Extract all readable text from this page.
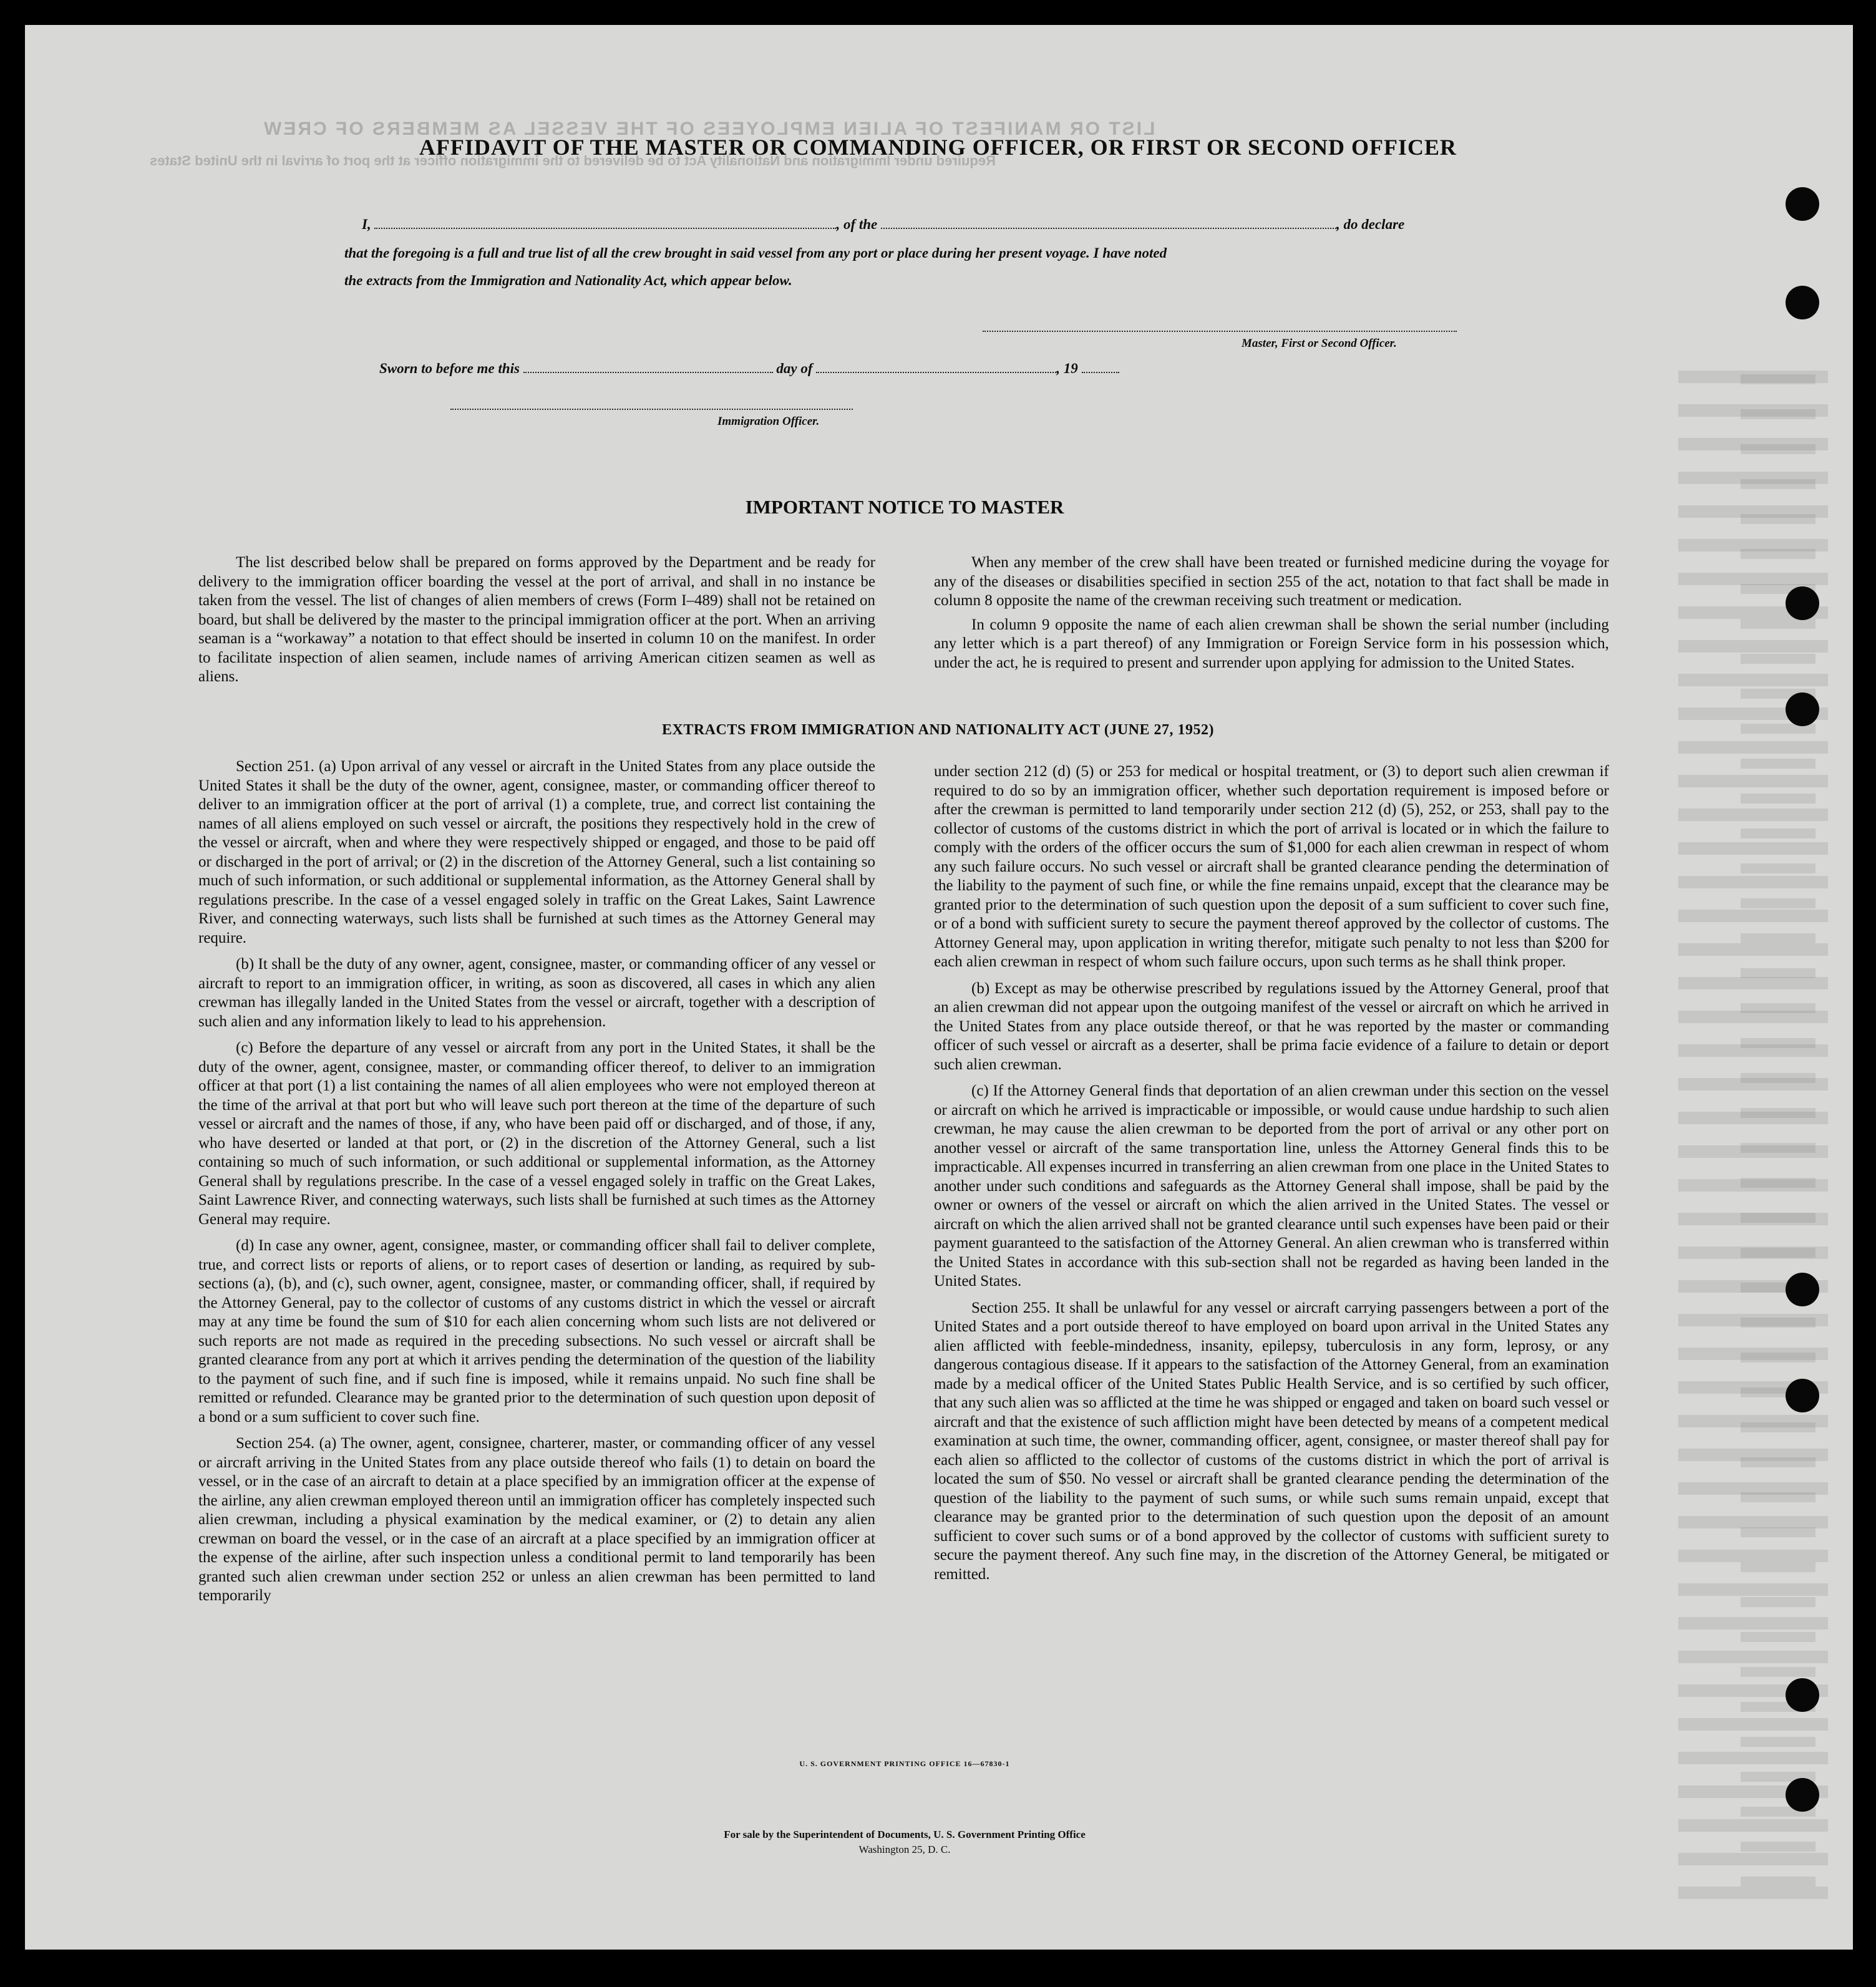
LIST OR MANIFEST OF ALIEN EMPLOYEES OF THE VESSEL AS MEMBERS OF CREW
Required under Immigration and Nationality Act to be delivered to the immigration officer at the port of arrival in the United States
AFFIDAVIT OF THE MASTER OR COMMANDING OFFICER, OR FIRST OR SECOND OFFICER
I,	, of the	, do declare
that the foregoing is a full and true list of all the crew brought in said vessel from any port or place during her present voyage. I have noted
the extracts from the Immigration and Nationality Act, which appear below.
Master, First or Second Officer.
Sworn to before me this	day of	, 19
Immigration Officer.
IMPORTANT NOTICE TO MASTER

The list described below shall be prepared on forms approved by the Department and be ready for delivery to the immigration officer boarding the vessel at the port of arrival, and shall in no instance be taken from the vessel. The list of changes of alien members of crews (Form I–489) shall not be retained on board, but shall be delivered by the master to the principal immigration officer at the port. When an arriving seaman is a “workaway” a notation to that effect should be inserted in column 10 on the manifest. In order to facilitate inspection of alien seamen, include names of arriving American citizen seamen as well as aliens.

When any member of the crew shall have been treated or furnished medicine during the voyage for any of the diseases or disabilities specified in section 255 of the act, notation to that fact shall be made in column 8 opposite the name of the crewman receiving such treatment or medication.

In column 9 opposite the name of each alien crewman shall be shown the serial number (including any letter which is a part thereof) of any Immigration or Foreign Service form in his possession which, under the act, he is required to present and surrender upon applying for admission to the United States.

EXTRACTS FROM IMMIGRATION AND NATIONALITY ACT (JUNE 27, 1952)

Section 251. (a) Upon arrival of any vessel or aircraft in the United States from any place outside the United States it shall be the duty of the owner, agent, consignee, master, or commanding officer thereof to deliver to an immigration officer at the port of arrival (1) a complete, true, and correct list containing the names of all aliens employed on such vessel or aircraft, the positions they respectively hold in the crew of the vessel or aircraft, when and where they were respectively shipped or engaged, and those to be paid off or discharged in the port of arrival; or (2) in the discretion of the Attorney General, such a list containing so much of such information, or such additional or supplemental information, as the Attorney General shall by regulations prescribe. In the case of a vessel engaged solely in traffic on the Great Lakes, Saint Lawrence River, and connecting waterways, such lists shall be furnished at such times as the Attorney General may require.

(b) It shall be the duty of any owner, agent, consignee, master, or commanding officer of any vessel or aircraft to report to an immigration officer, in writing, as soon as discovered, all cases in which any alien crewman has illegally landed in the United States from the vessel or aircraft, together with a description of such alien and any information likely to lead to his apprehension.

(c) Before the departure of any vessel or aircraft from any port in the United States, it shall be the duty of the owner, agent, consignee, master, or commanding officer thereof, to deliver to an immigration officer at that port (1) a list containing the names of all alien employees who were not employed thereon at the time of the arrival at that port but who will leave such port thereon at the time of the departure of such vessel or aircraft and the names of those, if any, who have been paid off or discharged, and of those, if any, who have deserted or landed at that port, or (2) in the discretion of the Attorney General, such a list containing so much of such information, or such additional or supplemental information, as the Attorney General shall by regulations prescribe. In the case of a vessel engaged solely in traffic on the Great Lakes, Saint Lawrence River, and connecting waterways, such lists shall be furnished at such times as the Attorney General may require.

(d) In case any owner, agent, consignee, master, or commanding officer shall fail to deliver complete, true, and correct lists or reports of aliens, or to report cases of desertion or landing, as required by sub-sections (a), (b), and (c), such owner, agent, consignee, master, or commanding officer, shall, if required by the Attorney General, pay to the collector of customs of any customs district in which the vessel or aircraft may at any time be found the sum of $10 for each alien concerning whom such lists are not delivered or such reports are not made as required in the preceding subsections. No such vessel or aircraft shall be granted clearance from any port at which it arrives pending the determination of the question of the liability to the payment of such fine, and if such fine is imposed, while it remains unpaid. No such fine shall be remitted or refunded. Clearance may be granted prior to the determination of such question upon deposit of a bond or a sum sufficient to cover such fine.

Section 254. (a) The owner, agent, consignee, charterer, master, or commanding officer of any vessel or aircraft arriving in the United States from any place outside thereof who fails (1) to detain on board the vessel, or in the case of an aircraft to detain at a place specified by an immigration officer at the expense of the airline, any alien crewman employed thereon until an immigration officer has completely inspected such alien crewman, including a physical examination by the medical examiner, or (2) to detain any alien crewman on board the vessel, or in the case of an aircraft at a place specified by an immigration officer at the expense of the airline, after such inspection unless a conditional permit to land temporarily has been granted such alien crewman under section 252 or unless an alien crewman has been permitted to land temporarily

under section 212 (d) (5) or 253 for medical or hospital treatment, or (3) to deport such alien crewman if required to do so by an immigration officer, whether such deportation requirement is imposed before or after the crewman is permitted to land temporarily under section 212 (d) (5), 252, or 253, shall pay to the collector of customs of the customs district in which the port of arrival is located or in which the failure to comply with the orders of the officer occurs the sum of $1,000 for each alien crewman in respect of whom any such failure occurs. No such vessel or aircraft shall be granted clearance pending the determination of the liability to the payment of such fine, or while the fine remains unpaid, except that the clearance may be granted prior to the determination of such question upon the deposit of a sum sufficient to cover such fine, or of a bond with sufficient surety to secure the payment thereof approved by the collector of customs. The Attorney General may, upon application in writing therefor, mitigate such penalty to not less than $200 for each alien crewman in respect of whom such failure occurs, upon such terms as he shall think proper.

(b) Except as may be otherwise prescribed by regulations issued by the Attorney General, proof that an alien crewman did not appear upon the outgoing manifest of the vessel or aircraft on which he arrived in the United States from any place outside thereof, or that he was reported by the master or commanding officer of such vessel or aircraft as a deserter, shall be prima facie evidence of a failure to detain or deport such alien crewman.

(c) If the Attorney General finds that deportation of an alien crewman under this section on the vessel or aircraft on which he arrived is impracticable or impossible, or would cause undue hardship to such alien crewman, he may cause the alien crewman to be deported from the port of arrival or any other port on another vessel or aircraft of the same transportation line, unless the Attorney General finds this to be impracticable. All expenses incurred in transferring an alien crewman from one place in the United States to another under such conditions and safeguards as the Attorney General shall impose, shall be paid by the owner or owners of the vessel or aircraft on which the alien arrived in the United States. The vessel or aircraft on which the alien arrived shall not be granted clearance until such expenses have been paid or their payment guaranteed to the satisfaction of the Attorney General. An alien crewman who is transferred within the United States in accordance with this sub-section shall not be regarded as having been landed in the United States.

Section 255. It shall be unlawful for any vessel or aircraft carrying passengers between a port of the United States and a port outside thereof to have employed on board upon arrival in the United States any alien afflicted with feeble-mindedness, insanity, epilepsy, tuberculosis in any form, leprosy, or any dangerous contagious disease. If it appears to the satisfaction of the Attorney General, from an examination made by a medical officer of the United States Public Health Service, and is so certified by such officer, that any such alien was so afflicted at the time he was shipped or engaged and taken on board such vessel or aircraft and that the existence of such affliction might have been detected by means of a competent medical examination at such time, the owner, commanding officer, agent, consignee, or master thereof shall pay for each alien so afflicted to the collector of customs of the customs district in which the port of arrival is located the sum of $50. No vessel or aircraft shall be granted clearance pending the determination of the question of the liability to the payment of such sums, or while such sums remain unpaid, except that clearance may be granted prior to the determination of such question upon the deposit of an amount sufficient to cover such sums or of a bond approved by the collector of customs with sufficient surety to secure the payment thereof. Any such fine may, in the discretion of the Attorney General, be mitigated or remitted.

U. S. GOVERNMENT PRINTING OFFICE 16—67830-1
For sale by the Superintendent of Documents, U. S. Government Printing Office
Washington 25, D. C.
